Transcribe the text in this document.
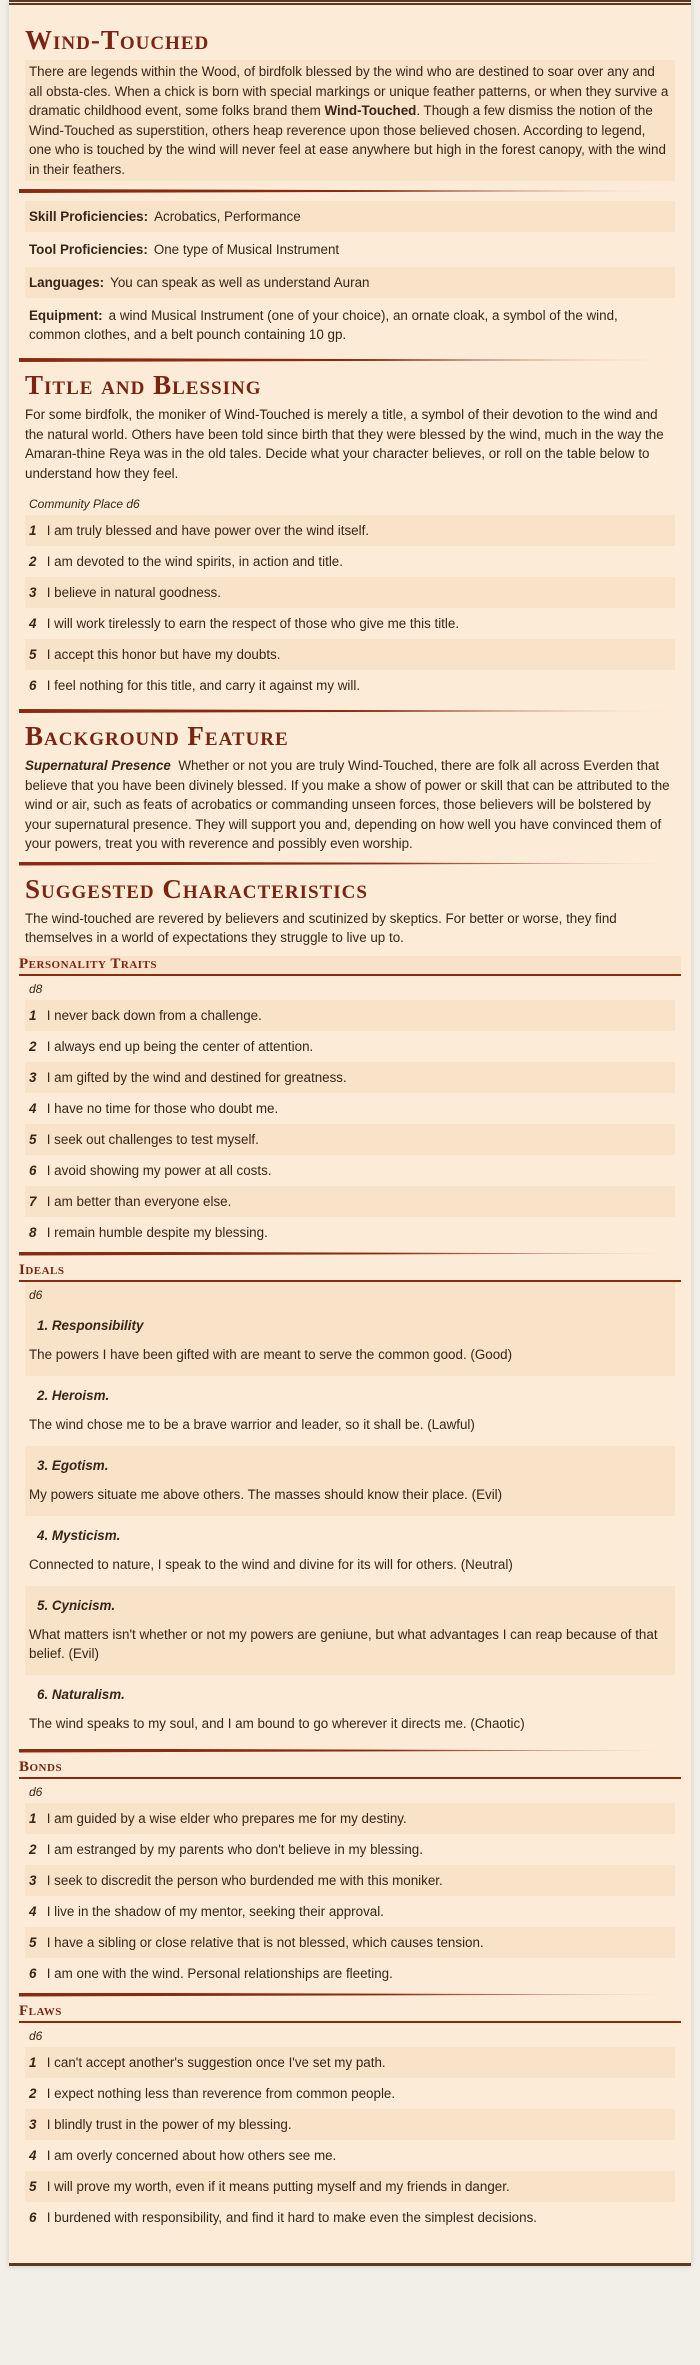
Wind-Touched

There are legends within the Wood, of birdfolk blessed by the wind who are destined to soar over any and all obsta-cles. When a chick is born with special markings or unique feather patterns, or when they survive a dramatic childhood event, some folks brand them Wind-Touched. Though a few dismiss the notion of the Wind-Touched as superstition, others heap reverence upon those believed chosen. According to legend, one who is touched by the wind will never feel at ease anywhere but high in the forest canopy, with the wind in their feathers.

Skill Proficiencies: Acrobatics, Performance
Tool Proficiencies: One type of Musical Instrument
Languages: You can speak as well as understand Auran
Equipment: a wind Musical Instrument (one of your choice), an ornate cloak, a symbol of the wind, common clothes, and a belt pounch containing 10 gp.
Title and Blessing

For some birdfolk, the moniker of Wind-Touched is merely a title, a symbol of their devotion to the wind and the natural world. Others have been told since birth that they were blessed by the wind, much in the way the Amaran-thine Reya was in the old tales. Decide what your character believes, or roll on the table below to understand how they feel.

Community Place d6
1 I am truly blessed and have power over the wind itself.
2 I am devoted to the wind spirits, in action and title.
3 I believe in natural goodness.
4 I will work tirelessly to earn the respect of those who give me this title.
5 I accept this honor but have my doubts.
6 I feel nothing for this title, and carry it against my will.
Background Feature

Supernatural Presence Whether or not you are truly Wind-Touched, there are folk all across Everden that believe that you have been divinely blessed. If you make a show of power or skill that can be attributed to the wind or air, such as feats of acrobatics or commanding unseen forces, those believers will be bolstered by your supernatural presence. They will support you and, depending on how well you have convinced them of your powers, treat you with reverence and possibly even worship.

Suggested Characteristics

The wind-touched are revered by believers and scutinized by skeptics. For better or worse, they find themselves in a world of expectations they struggle to live up to.

Personality Traits
d8
1 I never back down from a challenge.
2 I always end up being the center of attention.
3 I am gifted by the wind and destined for greatness.
4 I have no time for those who doubt me.
5 I seek out challenges to test myself.
6 I avoid showing my power at all costs.
7 I am better than everyone else.
8 I remain humble despite my blessing.
Ideals
d6
1. Responsibility
The powers I have been gifted with are meant to serve the common good. (Good)
2. Heroism.
The wind chose me to be a brave warrior and leader, so it shall be. (Lawful)
3. Egotism.
My powers situate me above others. The masses should know their place. (Evil)
4. Mysticism.
Connected to nature, I speak to the wind and divine for its will for others. (Neutral)
5. Cynicism.
What matters isn't whether or not my powers are geniune, but what advantages I can reap because of that belief. (Evil)
6. Naturalism.
The wind speaks to my soul, and I am bound to go wherever it directs me. (Chaotic)
Bonds
d6
1 I am guided by a wise elder who prepares me for my destiny.
2 I am estranged by my parents who don't believe in my blessing.
3 I seek to discredit the person who burdended me with this moniker.
4 I live in the shadow of my mentor, seeking their approval.
5 I have a sibling or close relative that is not blessed, which causes tension.
6 I am one with the wind. Personal relationships are fleeting.
Flaws
d6
1 I can't accept another's suggestion once I've set my path.
2 I expect nothing less than reverence from common people.
3 I blindly trust in the power of my blessing.
4 I am overly concerned about how others see me.
5 I will prove my worth, even if it means putting myself and my friends in danger.
6 I burdened with responsibility, and find it hard to make even the simplest decisions.
